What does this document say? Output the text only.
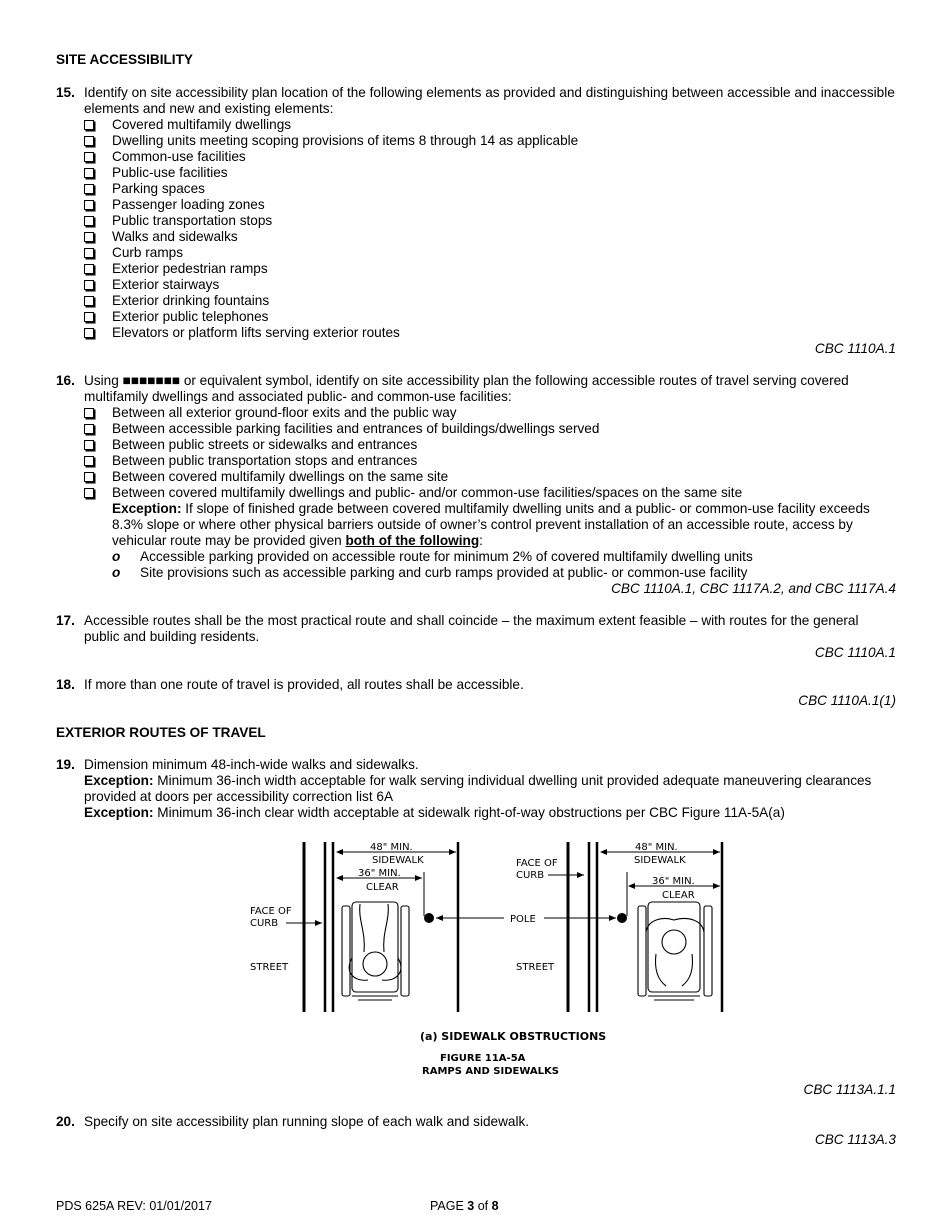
SITE ACCESSIBILITY
15. Identify on site accessibility plan location of the following elements as provided and distinguishing between accessible and inaccessible elements and new and existing elements:
Covered multifamily dwellings
Dwelling units meeting scoping provisions of items 8 through 14 as applicable
Common-use facilities
Public-use facilities
Parking spaces
Passenger loading zones
Public transportation stops
Walks and sidewalks
Curb ramps
Exterior pedestrian ramps
Exterior stairways
Exterior drinking fountains
Exterior public telephones
Elevators or platform lifts serving exterior routes
CBC 1110A.1
16. Using ■■■■■■■ or equivalent symbol, identify on site accessibility plan the following accessible routes of travel serving covered multifamily dwellings and associated public- and common-use facilities:
Between all exterior ground-floor exits and the public way
Between accessible parking facilities and entrances of buildings/dwellings served
Between public streets or sidewalks and entrances
Between public transportation stops and entrances
Between covered multifamily dwellings on the same site
Between covered multifamily dwellings and public- and/or common-use facilities/spaces on the same site
Exception: If slope of finished grade between covered multifamily dwelling units and a public- or common-use facility exceeds 8.3% slope or where other physical barriers outside of owner’s control prevent installation of an accessible route, access by vehicular route may be provided given both of the following:
o Accessible parking provided on accessible route for minimum 2% of covered multifamily dwelling units
o Site provisions such as accessible parking and curb ramps provided at public- or common-use facility
CBC 1110A.1, CBC 1117A.2, and CBC 1117A.4
17. Accessible routes shall be the most practical route and shall coincide – the maximum extent feasible – with routes for the general public and building residents.
CBC 1110A.1
18. If more than one route of travel is provided, all routes shall be accessible.
CBC 1110A.1(1)
EXTERIOR ROUTES OF TRAVEL
19. Dimension minimum 48-inch-wide walks and sidewalks.
Exception: Minimum 36-inch width acceptable for walk serving individual dwelling unit provided adequate maneuvering clearances provided at doors per accessibility correction list 6A
Exception: Minimum 36-inch clear width acceptable at sidewalk right-of-way obstructions per CBC Figure 11A-5A(a)
48" MIN.
SIDEWALK
36" MIN.
CLEAR
FACE OF
CURB
STREET
POLE
FACE OF
CURB
STREET
48" MIN.
SIDEWALK
36" MIN.
CLEAR
(a) SIDEWALK OBSTRUCTIONS
FIGURE 11A-5A
RAMPS AND SIDEWALKS
CBC 1113A.1.1
20. Specify on site accessibility plan running slope of each walk and sidewalk.
CBC 1113A.3
PDS 625A REV: 01/01/2017	PAGE 3 of 8
